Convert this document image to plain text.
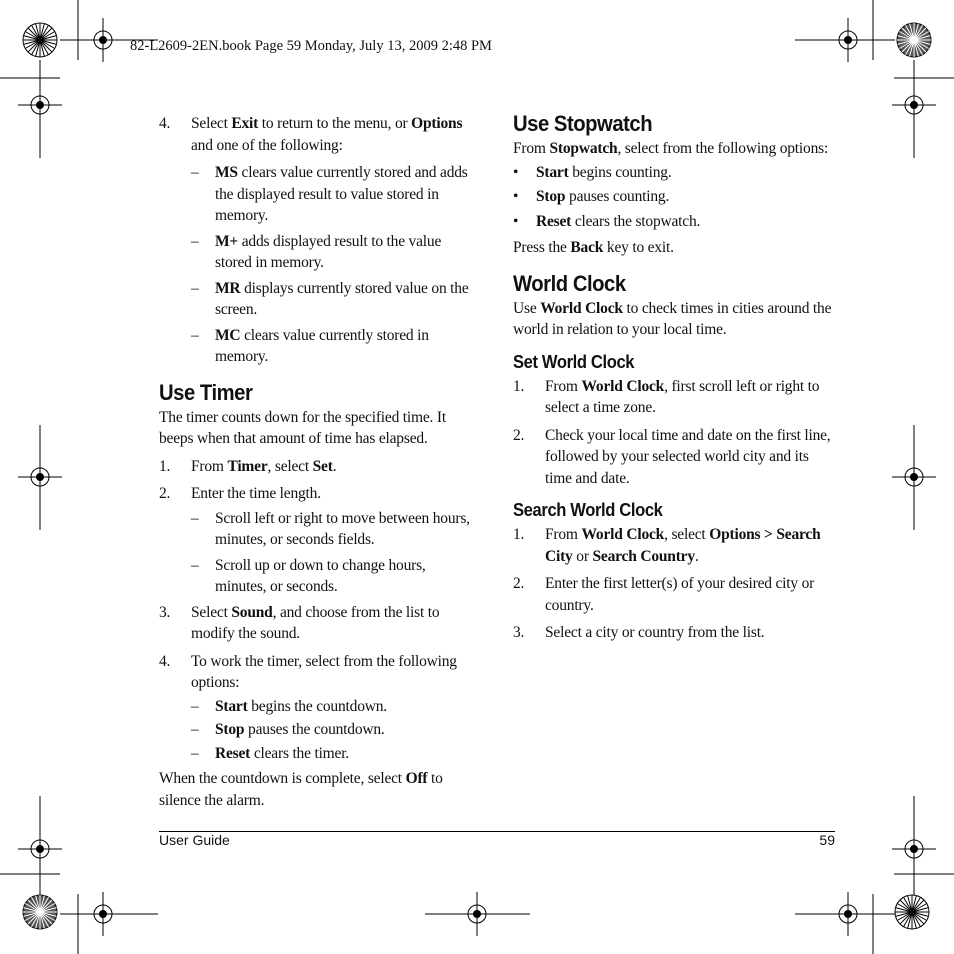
82-L2609-2EN.book Page 59 Monday, July 13, 2009 2:48 PM
4. Select Exit to return to the menu, or Options and one of the following:
– MS clears value currently stored and adds the displayed result to value stored in memory.
– M+ adds displayed result to the value stored in memory.
– MR displays currently stored value on the screen.
– MC clears value currently stored in memory.
Use Timer
The timer counts down for the specified time. It beeps when that amount of time has elapsed.
1. From Timer, select Set.
2. Enter the time length.
– Scroll left or right to move between hours, minutes, or seconds fields.
– Scroll up or down to change hours, minutes, or seconds.
3. Select Sound, and choose from the list to modify the sound.
4. To work the timer, select from the following options:
– Start begins the countdown.
– Stop pauses the countdown.
– Reset clears the timer.
When the countdown is complete, select Off to silence the alarm.
Use Stopwatch
From Stopwatch, select from the following options:
• Start begins counting.
• Stop pauses counting.
• Reset clears the stopwatch.
Press the Back key to exit.
World Clock
Use World Clock to check times in cities around the world in relation to your local time.
Set World Clock
1. From World Clock, first scroll left or right to select a time zone.
2. Check your local time and date on the first line, followed by your selected world city and its time and date.
Search World Clock
1. From World Clock, select Options > Search City or Search Country.
2. Enter the first letter(s) of your desired city or country.
3. Select a city or country from the list.
User Guide	59
